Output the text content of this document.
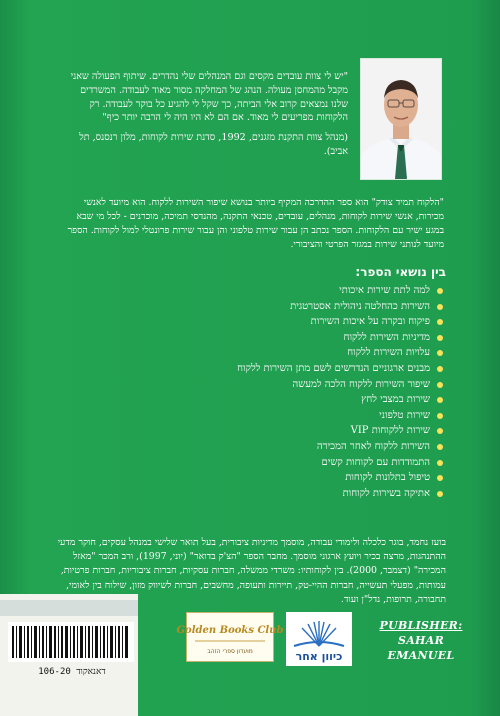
"יש לי צוות עובדים מקסים וגם המנהלים שלי נהדרים. שיתוף הפעולה שאני מקבל מהמחסן מעולה. הנהג של המחלקה מסור מאוד לעבודה. המשרדים שלנו נמצאים קרוב אלי הביתה, כך שקל לי להגיע כל בוקר לעבודה. רק הלקוחות מפריעים לי מאוד. אם הם לא היו היה לי הרבה יותר כיף"
(מנהל צוות התקנת מזגנים, 1992, סדנת שירות לקוחות, מלון רנסנס, תל אביב).
"הלקוח תמיד צודק" הוא ספר ההדרכה המקיף ביותר בנושא שיפור השירות ללקוח. הוא מיועד לאנשי מכירות, אנשי שירות לקוחות, מנהלים, עובדים, טכנאי התקנה, מהנדסי תמיכה, מוכרנים - לכל מי שבא במגע ישיר עם הלקוחות. הספר נכתב הן עבור שירות טלפוני והן עבור שירות פרונטלי למול לקוחות. הספר מיועד לנותני שירות במגזר הפרטי והציבורי.
בין נושאי הספר:
למה לתת שירות איכותי
השירות כהחלטה ניהולית אסטרטגית
פיקוח ובקרה על איכות השירות
מדיניות השירות ללקוח
עלויות השירות ללקוח
מבנים ארגוניים הנדרשים לשם מתן השירות ללקוח
שיפור השירות ללקוח הלכה למעשה
שירות במצבי לחץ
שירות טלפוני
שירות ללקוחות VIP
השירות ללקוח לאחר המכירה
התמודדות עם לקוחות קשים
טיפול בתלונות לקוחות
אתיקה בשירות לקוחות
בועז נחמד, בוגר כלכלה ולימודי עבודה, מוסמך מדיניות ציבורית, בעל תואר שלישי במנהל עסקים, חוקר מדעי ההתנהגות, מרצה בכיר ויועץ ארגוני מוסמך. מחבר הספר "הצ'ק בדואר" (יוני, 1997), ורב המכר "מאזל המכירה" (דצמבר, 2000). בין לקוחותיו: משרדי ממשלה, חברות עסקיות, חברות ציבוריות, חברות פרטיות, עמותות, מפעלי תעשייה, חברות ההיי-טק, תיירות ותעופה, מחשבים, חברות לשיווק מזון, שילוח בין לאומי, תחבורה, תרופות, נדל"ן ועוד.
דאנאקוד 106-20
Golden Books Club
מועדון ספרי הזהב	כיוון אחר
PUBLISHER:
SAHAR
EMANUEL
